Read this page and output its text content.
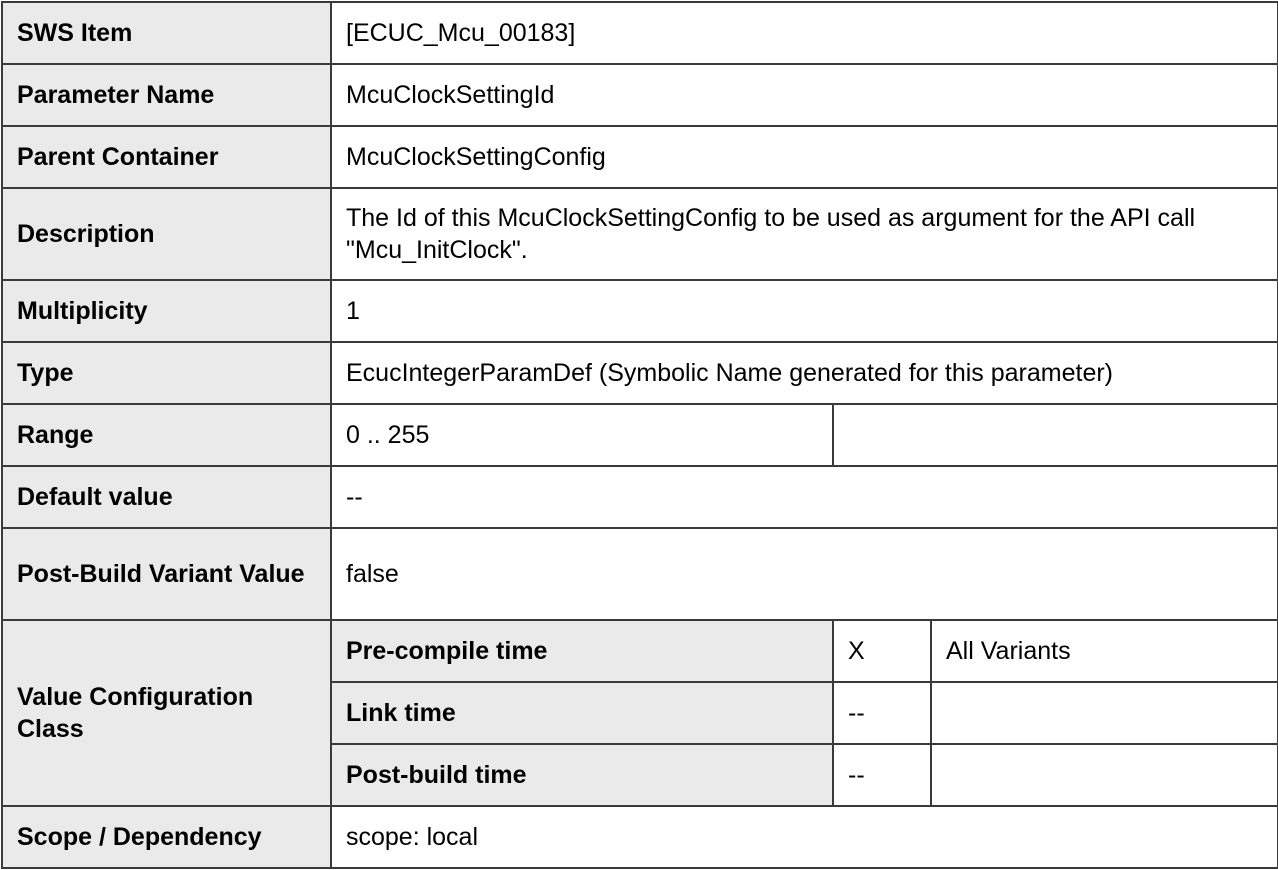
SWS Item	[ECUC_Mcu_00183]		
Parameter Name	McuClockSettingId		
Parent Container	McuClockSettingConfig		
Description	The Id of this McuClockSettingConfig to be used as argument for the API call "Mcu_InitClock".		

Multiplicity	1		
Type	EcucIntegerParamDef (Symbolic Name generated for this parameter)		
Range	0 .. 255		
Default value	--		
Post-Build Variant Value	false		
Value Configuration Class	Pre-compile time	X	All Variants
	Link time	--	
	Post-build time	--	
Scope / Dependency	scope: local		
